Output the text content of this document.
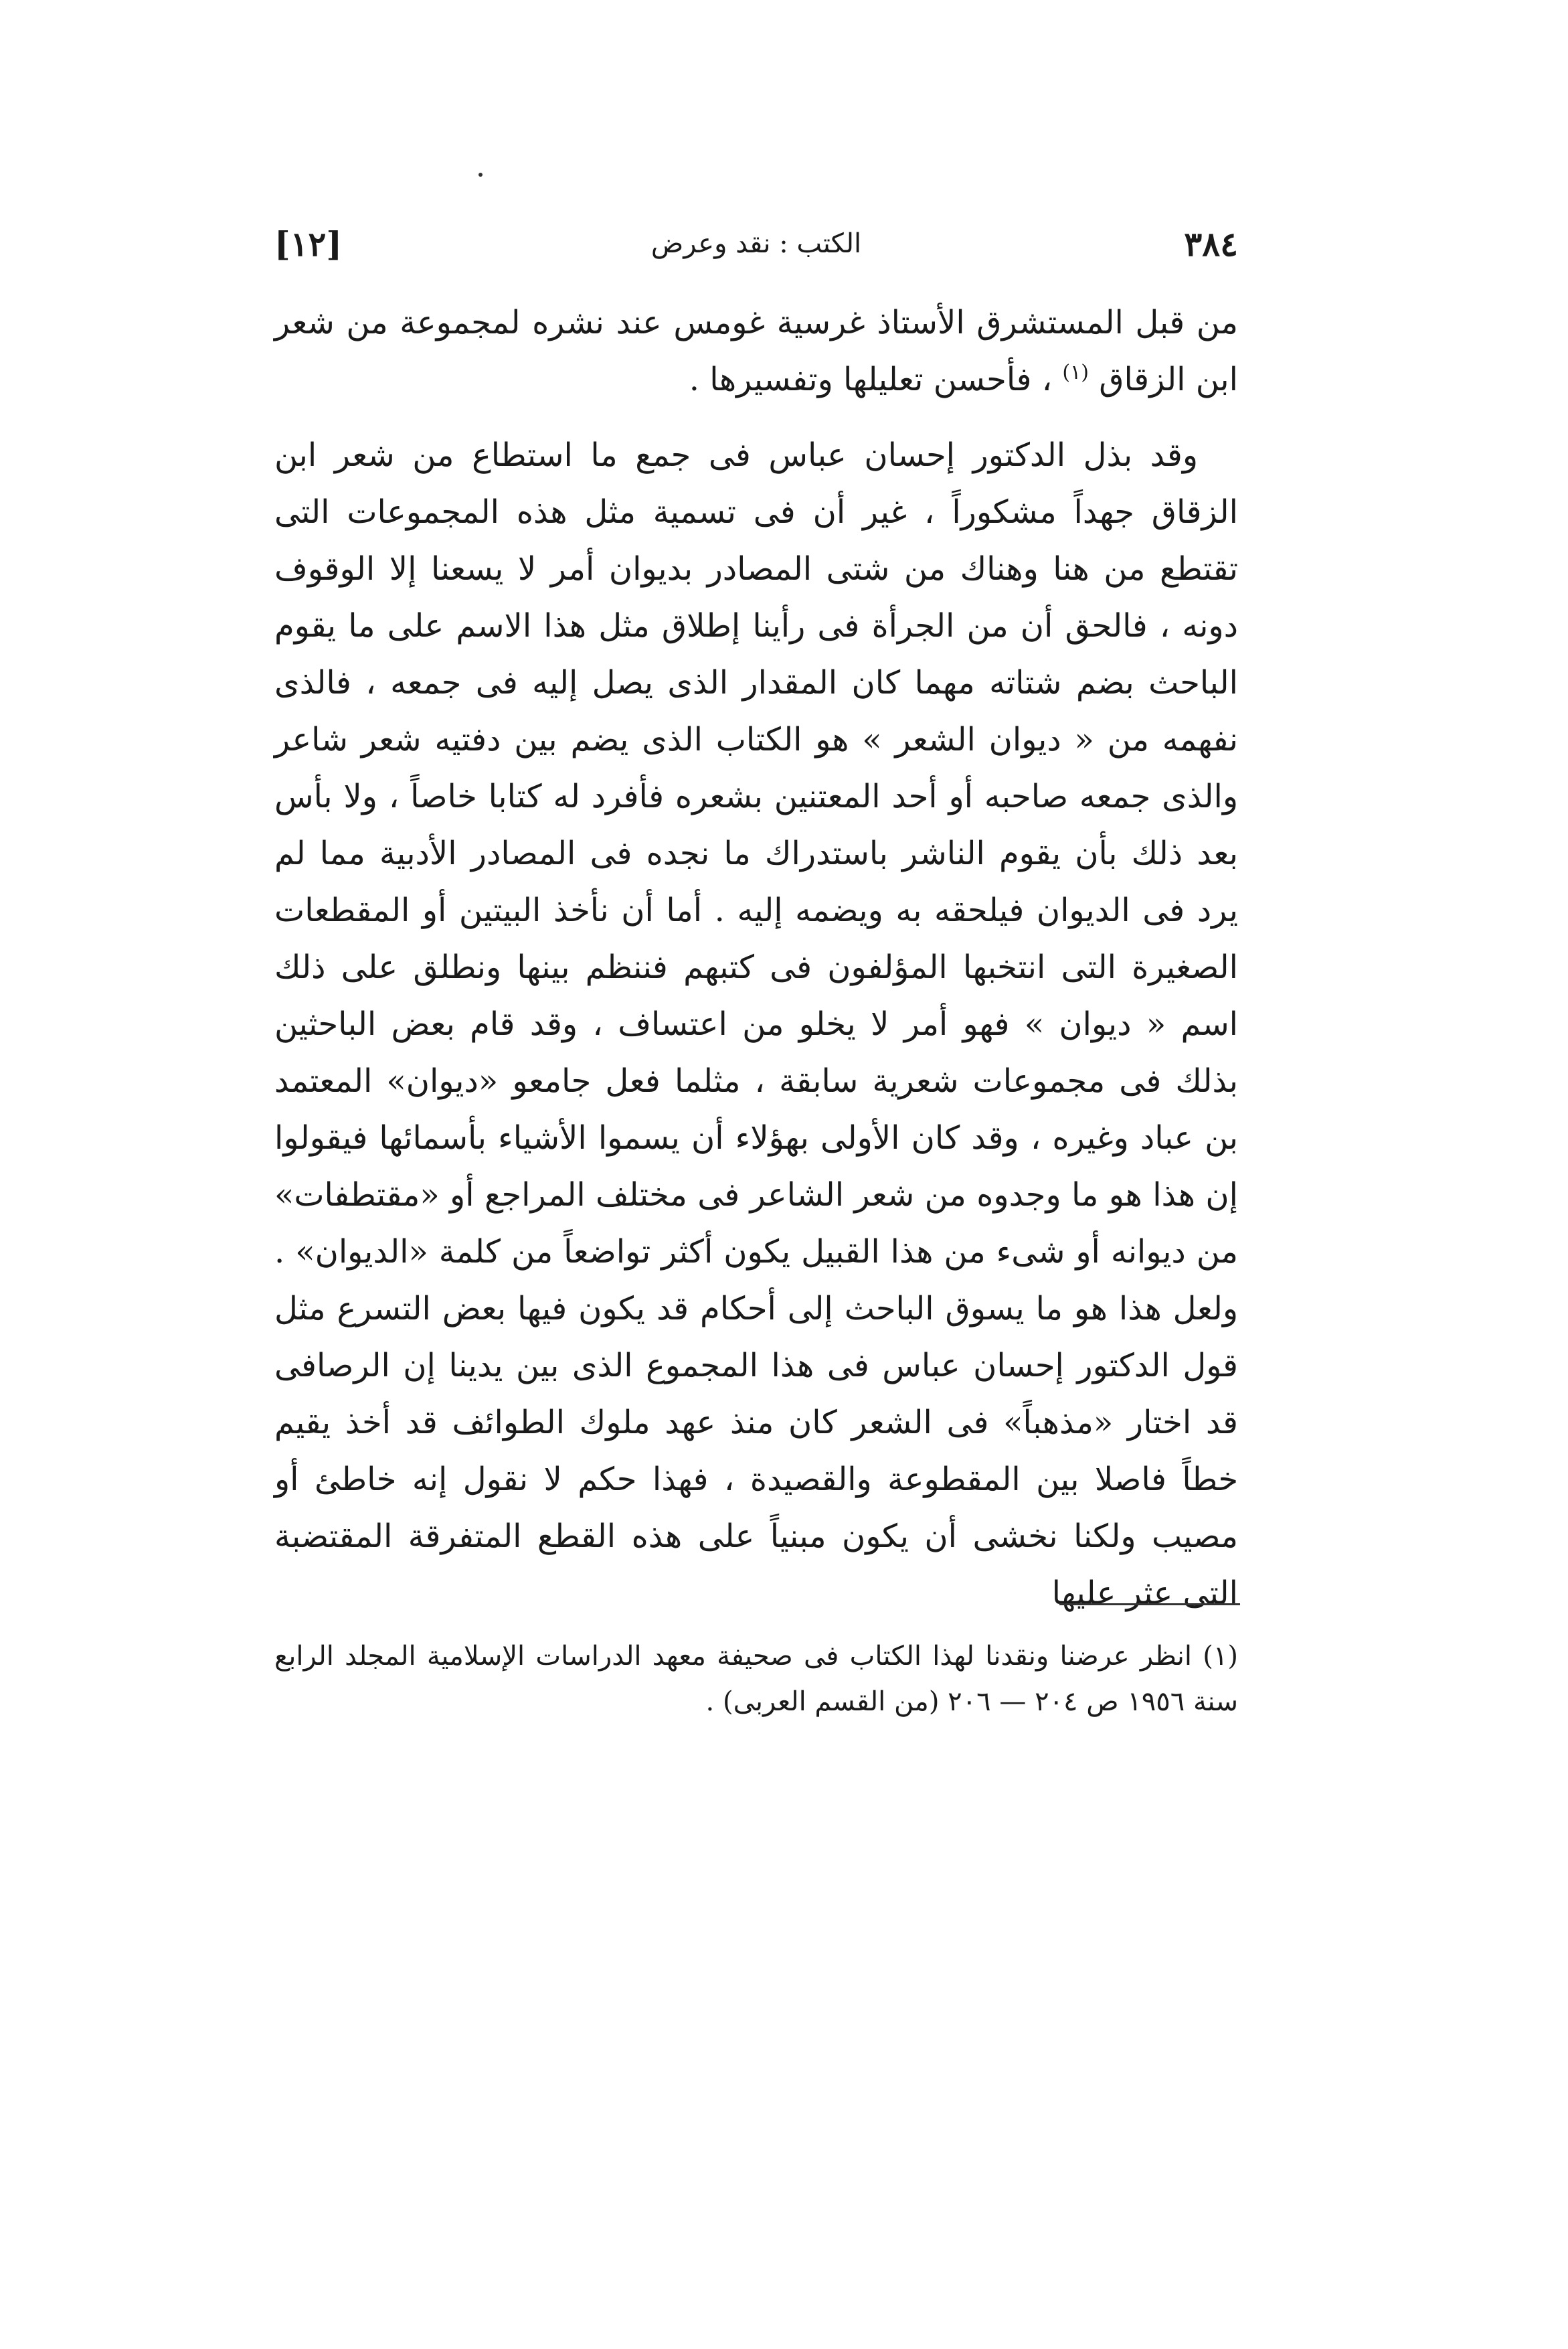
٣٨٤
الكتب : نقد وعرض
[١٢]

من قبل المستشرق الأستاذ غرسية غومس عند نشره لمجموعة من شعر ابن الزقاق $^{(١)}$ ، فأحسن تعليلها وتفسيرها .

وقد بذل الدكتور إحسان عباس فى جمع ما استطاع من شعر ابن الزقاق جهداً مشكوراً ، غير أن فى تسمية مثل هذه المجموعات التى تقتطع من هنا وهناك من شتى المصادر بديوان أمر لا يسعنا إلا الوقوف دونه ، فالحق أن من الجرأة فى رأينا إطلاق مثل هذا الاسم على ما يقوم الباحث بضم شتاته مهما كان المقدار الذى يصل إليه فى جمعه ، فالذى نفهمه من « ديوان الشعر » هو الكتاب الذى يضم بين دفتيه شعر شاعر والذى جمعه صاحبه أو أحد المعتنين بشعره فأفرد له كتابا خاصاً ، ولا بأس بعد ذلك بأن يقوم الناشر باستدراك ما نجده فى المصادر الأدبية مما لم يرد فى الديوان فيلحقه به ويضمه إليه . أما أن نأخذ البيتين أو المقطعات الصغيرة التى انتخبها المؤلفون فى كتبهم فننظم بينها ونطلق على ذلك اسم « ديوان » فهو أمر لا يخلو من اعتساف ، وقد قام بعض الباحثين بذلك فى مجموعات شعرية سابقة ، مثلما فعل جامعو «ديوان» المعتمد بن عباد وغيره ، وقد كان الأولى بهؤلاء أن يسموا الأشياء بأسمائها فيقولوا إن هذا هو ما وجدوه من شعر الشاعر فى مختلف المراجع أو «مقتطفات» من ديوانه أو شىء من هذا القبيل يكون أكثر تواضعاً من كلمة «الديوان» . ولعل هذا هو ما يسوق الباحث إلى أحكام قد يكون فيها بعض التسرع مثل قول الدكتور إحسان عباس فى هذا المجموع الذى بين يدينا إن الرصافى قد اختار «مذهباً» فى الشعر كان منذ عهد ملوك الطوائف قد أخذ يقيم خطاً فاصلا بين المقطوعة والقصيدة ، فهذا حكم لا نقول إنه خاطئ أو مصيب ولكنا نخشى أن يكون مبنياً على هذه القطع المتفرقة المقتضبة التى عثر عليها

(١) انظر عرضنا ونقدنا لهذا الكتاب فى صحيفة معهد الدراسات الإسلامية المجلد الرابع سنة ١٩٥٦ ص ٢٠٤ — ٢٠٦ (من القسم العربى) .
